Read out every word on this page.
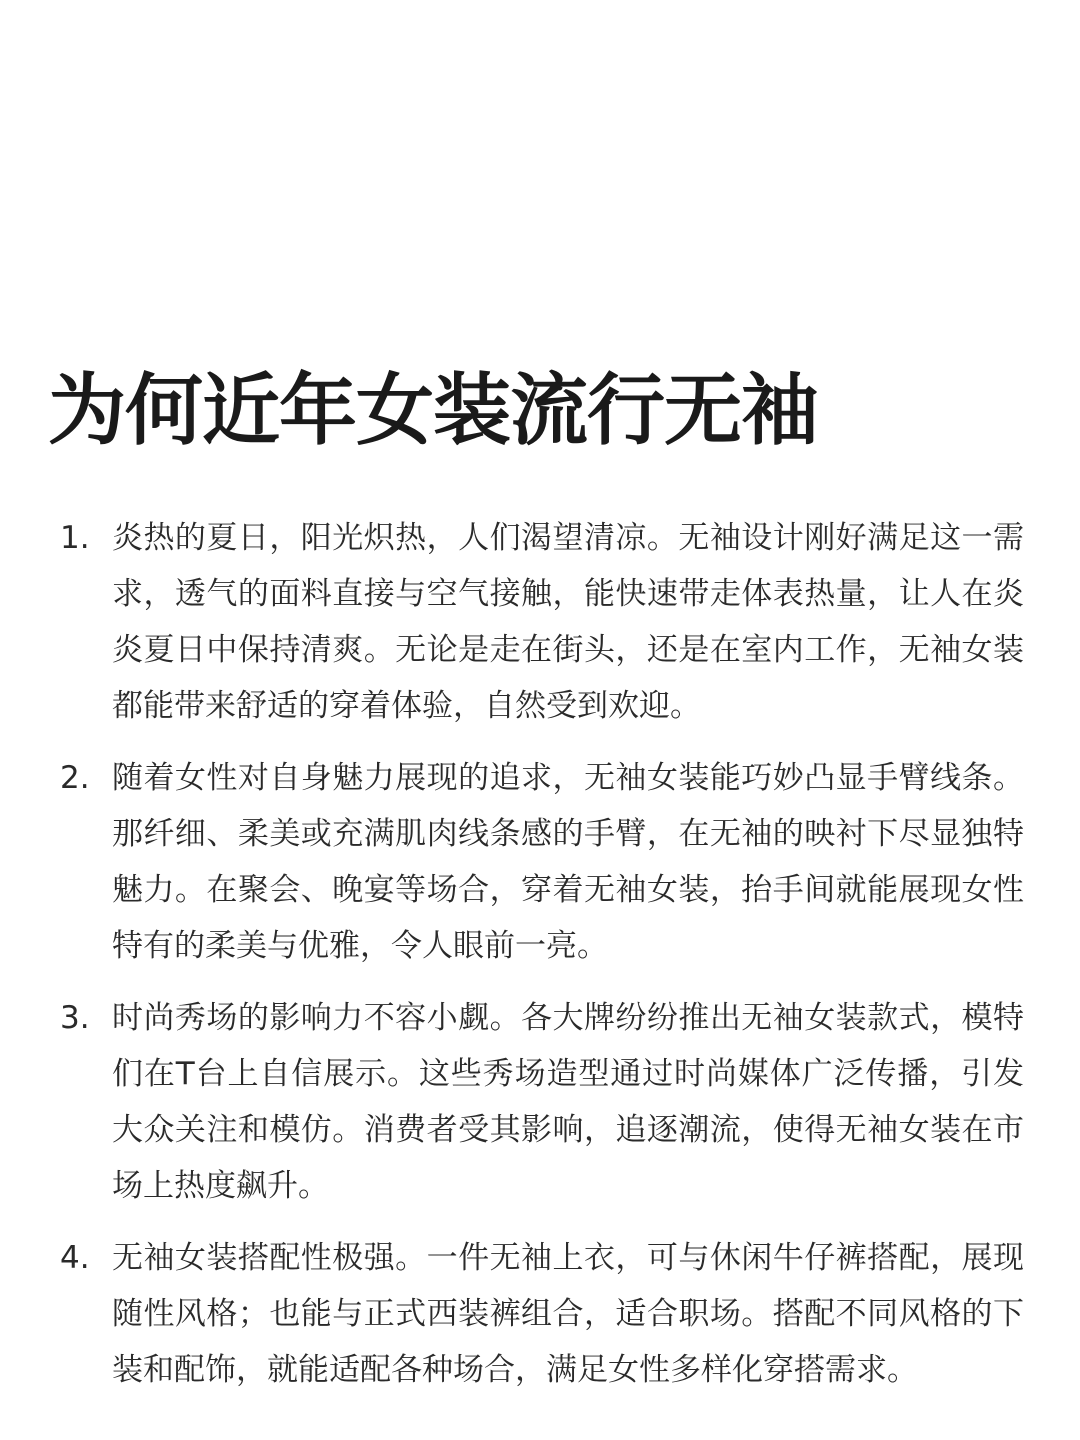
为何近年女装流行无袖
1. 炎热的夏日，阳光炽热，人们渴望清凉。无袖设计刚好满足这一需求，透气的面料直接与空气接触，能快速带走体表热量，让人在炎炎夏日中保持清爽。无论是走在街头，还是在室内工作，无袖女装都能带来舒适的穿着体验，自然受到欢迎。
2. 随着女性对自身魅力展现的追求，无袖女装能巧妙凸显手臂线条。那纤细、柔美或充满肌肉线条感的手臂，在无袖的映衬下尽显独特魅力。在聚会、晚宴等场合，穿着无袖女装，抬手间就能展现女性特有的柔美与优雅，令人眼前一亮。
3. 时尚秀场的影响力不容小觑。各大牌纷纷推出无袖女装款式，模特们在T台上自信展示。这些秀场造型通过时尚媒体广泛传播，引发大众关注和模仿。消费者受其影响，追逐潮流，使得无袖女装在市场上热度飙升。
4. 无袖女装搭配性极强。一件无袖上衣，可与休闲牛仔裤搭配，展现随性风格；也能与正式西装裤组合，适合职场。搭配不同风格的下装和配饰，就能适配各种场合，满足女性多样化穿搭需求。
